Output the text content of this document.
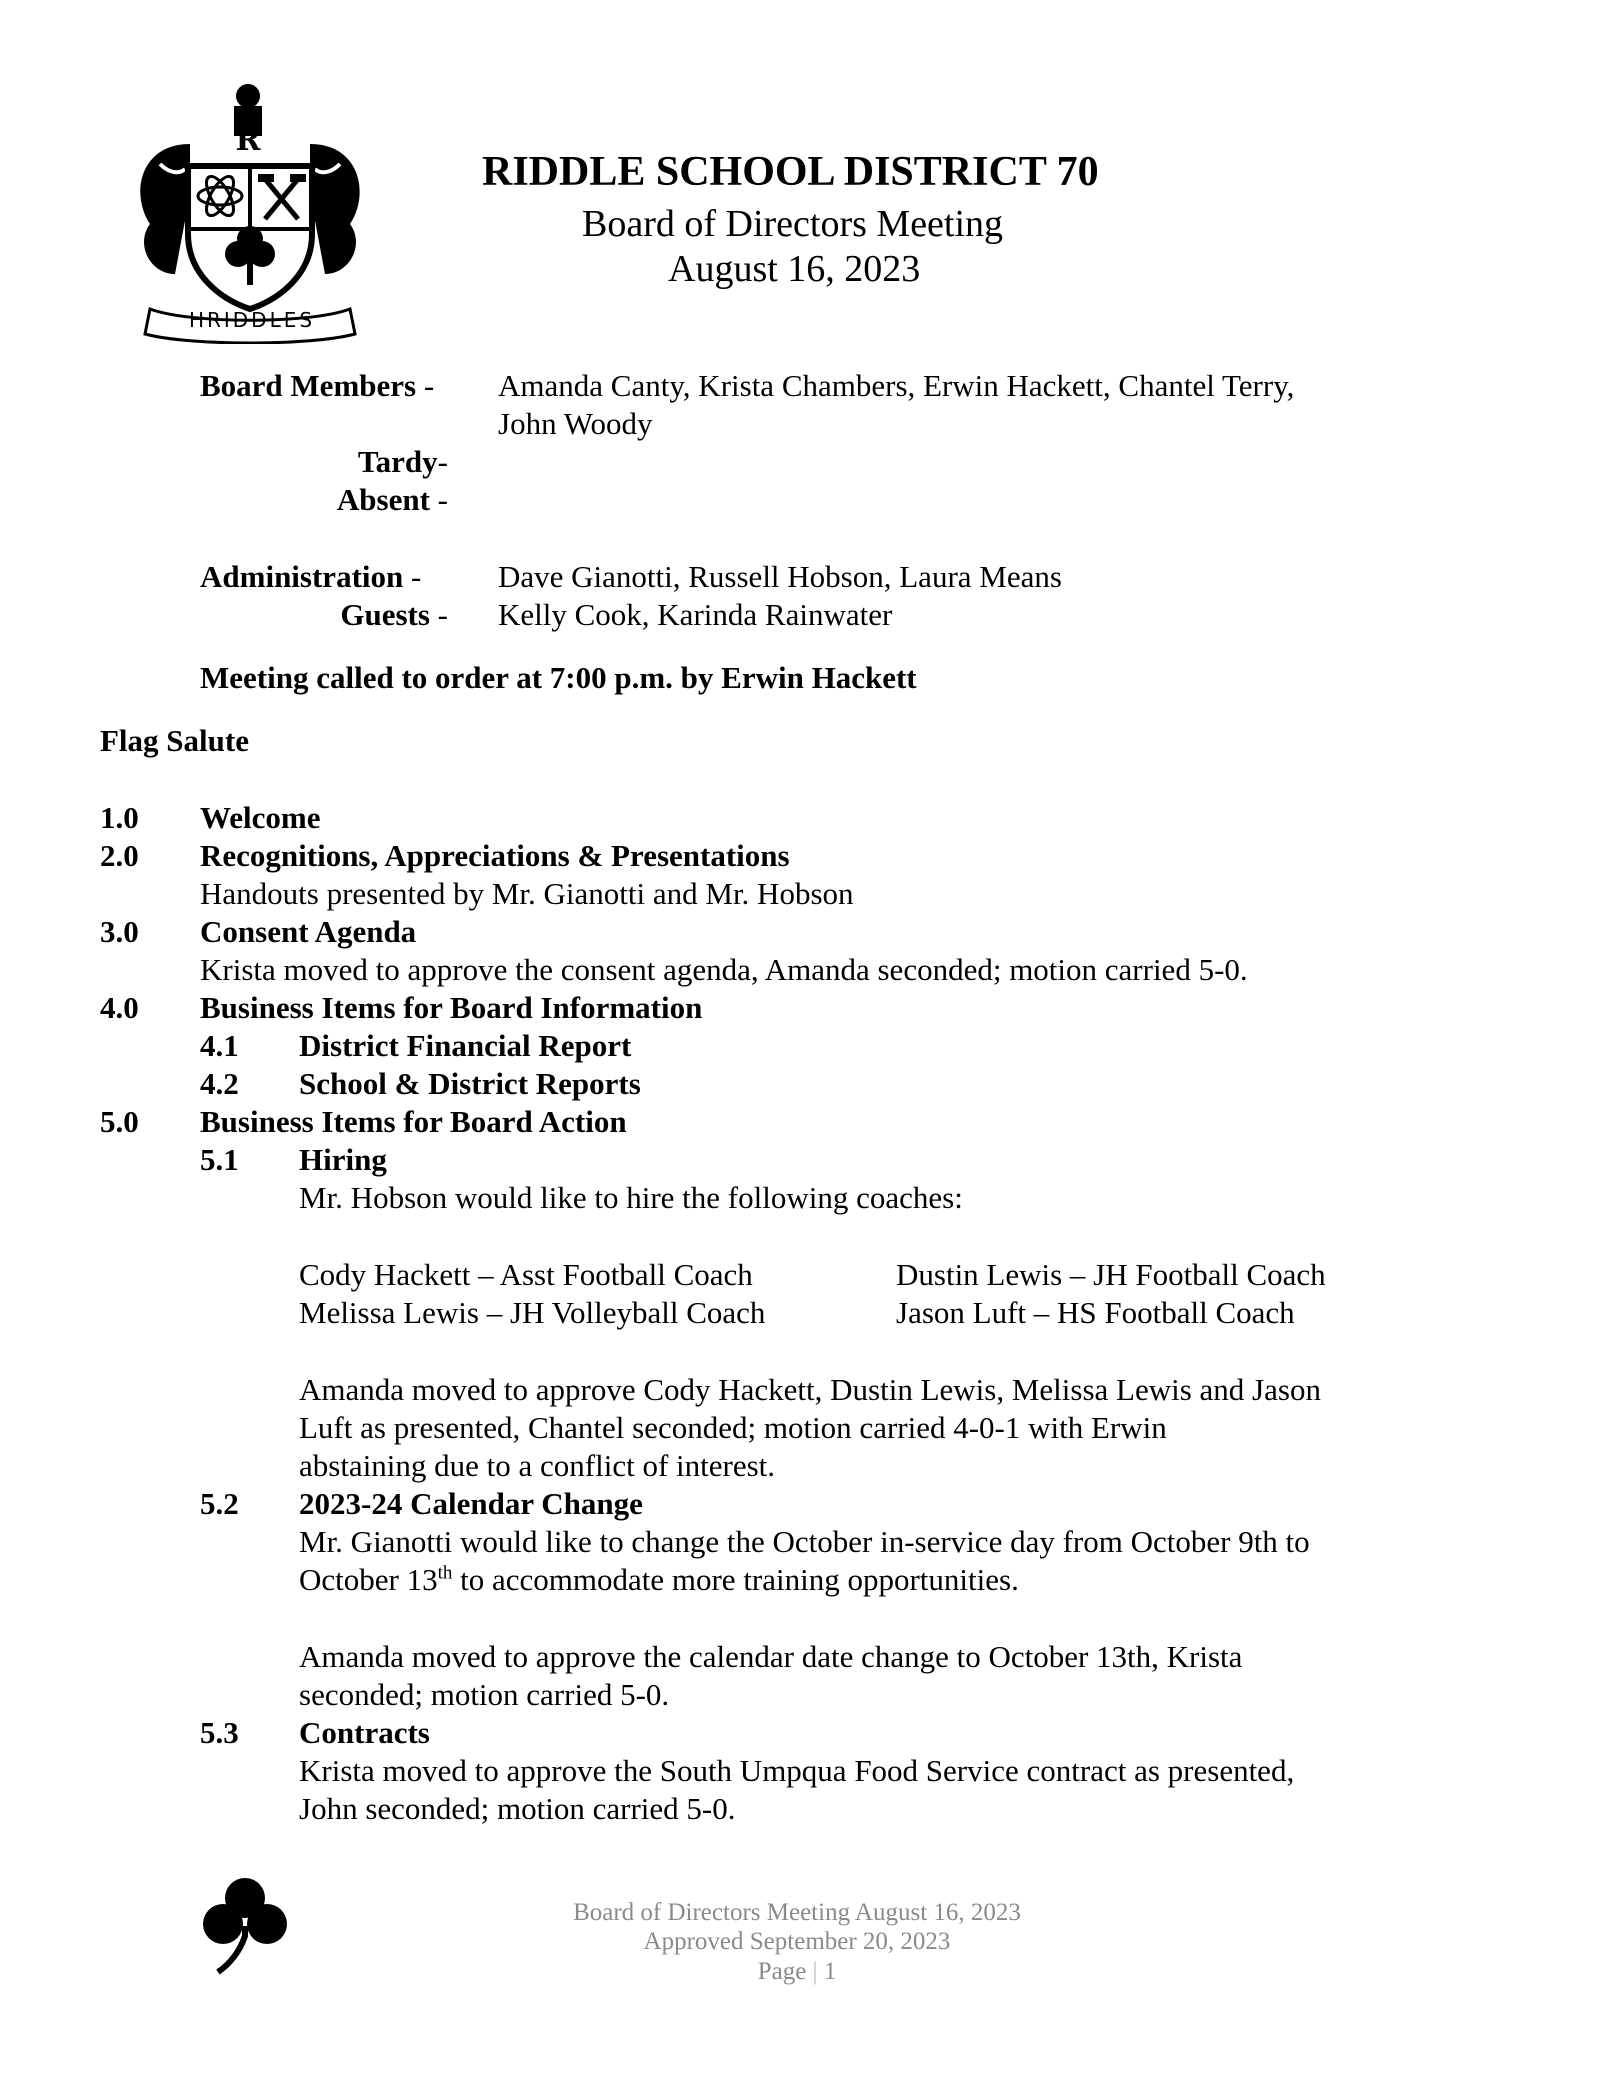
R
HRIDDLES
RIDDLE SCHOOL DISTRICT 70
Board of Directors Meeting
August 16, 2023
Board Members - Amanda Canty, Krista Chambers, Erwin Hackett, Chantel Terry,
John Woody
Tardy-
Absent -
Administration - Dave Gianotti, Russell Hobson, Laura Means
Guests - Kelly Cook, Karinda Rainwater
Meeting called to order at 7:00 p.m. by Erwin Hackett
Flag Salute
1.0 Welcome
2.0 Recognitions, Appreciations & Presentations
Handouts presented by Mr. Gianotti and Mr. Hobson
3.0 Consent Agenda
Krista moved to approve the consent agenda, Amanda seconded; motion carried 5-0.
4.0 Business Items for Board Information
4.1 District Financial Report
4.2 School & District Reports
5.0 Business Items for Board Action
5.1 Hiring
Mr. Hobson would like to hire the following coaches:
Cody Hackett – Asst Football Coach	Dustin Lewis – JH Football Coach
Melissa Lewis – JH Volleyball Coach	Jason Luft – HS Football Coach
Amanda moved to approve Cody Hackett, Dustin Lewis, Melissa Lewis and Jason
Luft as presented, Chantel seconded; motion carried 4-0-1 with Erwin
abstaining due to a conflict of interest.
5.2 2023-24 Calendar Change
Mr. Gianotti would like to change the October in-service day from October 9th to
October 13th to accommodate more training opportunities.
Amanda moved to approve the calendar date change to October 13th, Krista
seconded; motion carried 5-0.
5.3 Contracts
Krista moved to approve the South Umpqua Food Service contract as presented,
John seconded; motion carried 5-0.
Board of Directors Meeting August 16, 2023
Approved September 20, 2023
Page | 1
